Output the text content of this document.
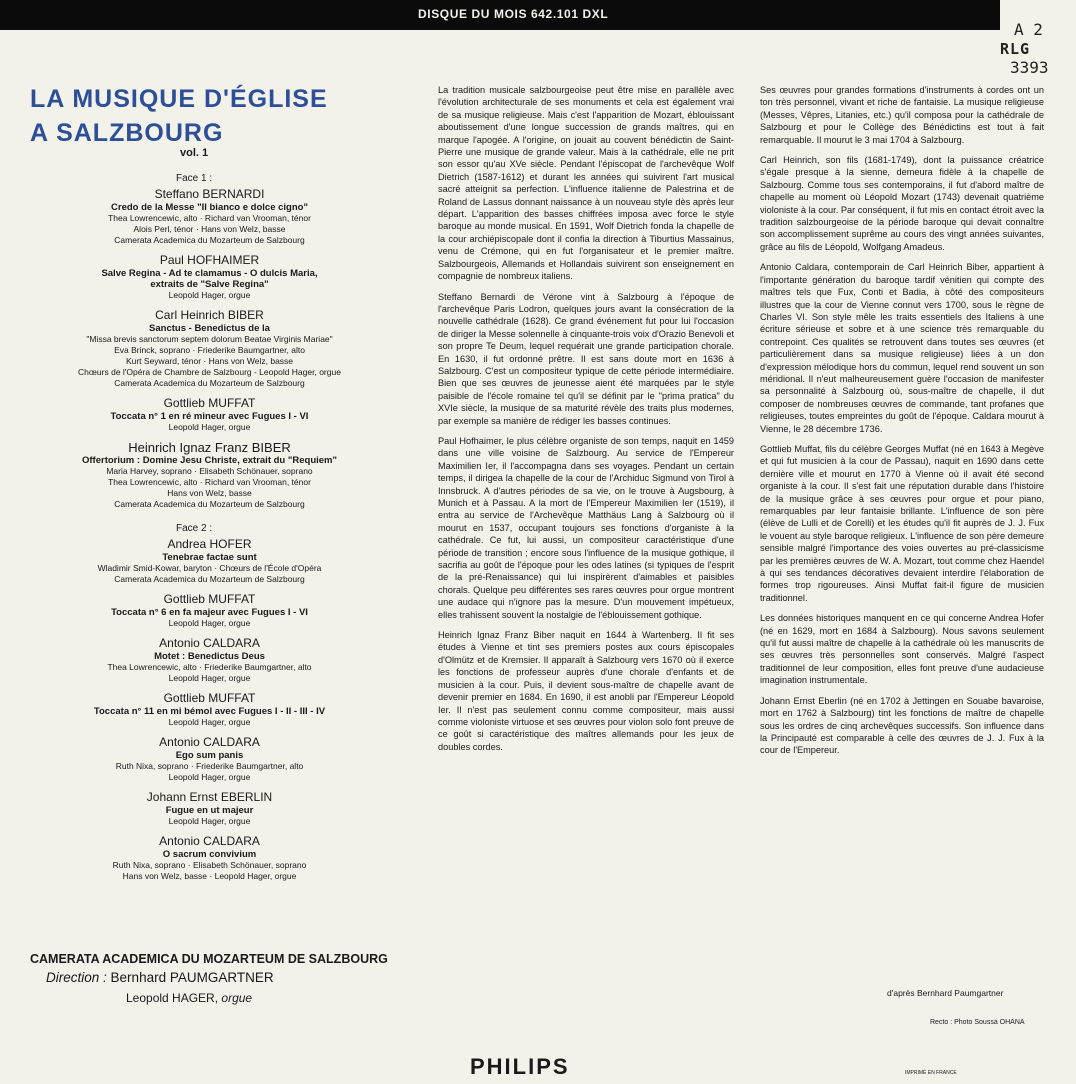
DISQUE DU MOIS 642.101 DXL
A 2
RLG
3393
LA MUSIQUE D'ÉGLISE
A SALZBOURG
vol. 1
Face 1 :
Steffano BERNARDI
Credo de la Messe "Il bianco e dolce cigno"
Thea Lowrencewic, alto · Richard van Vrooman, ténor
Alois Perl, ténor · Hans von Welz, basse
Camerata Academica du Mozarteum de Salzbourg
Paul HOFHAIMER
Salve Regina - Ad te clamamus - O dulcis Maria,
extraits de "Salve Regina"
Leopold Hager, orgue
Carl Heinrich BIBER
Sanctus - Benedictus de la
"Missa brevis sanctorum septem dolorum Beatae Virginis Mariae"
Eva Brinck, soprano · Friederike Baumgartner, alto
Kurt Seyward, ténor · Hans von Welz, basse
Chœurs de l'Opéra de Chambre de Salzbourg - Leopold Hager, orgue
Camerata Academica du Mozarteum de Salzbourg
Gottlieb MUFFAT
Toccata n° 1 en ré mineur avec Fugues I - VI
Leopold Hager, orgue
Heinrich Ignaz Franz BIBER
Offertorium : Domine Jesu Christe, extrait du "Requiem"
Maria Harvey, soprano · Elisabeth Schönauer, soprano
Thea Lowrencewic, alto · Richard van Vrooman, ténor
Hans von Welz, basse
Camerata Academica du Mozarteum de Salzbourg
Face 2 :
Andrea HOFER
Tenebrae factae sunt
Wladimir Smid-Kowar, baryton · Chœurs de l'École d'Opéra
Camerata Academica du Mozarteum de Salzbourg
Gottlieb MUFFAT
Toccata n° 6 en fa majeur avec Fugues I - VI
Leopold Hager, orgue
Antonio CALDARA
Motet : Benedictus Deus
Thea Lowrencewic, alto · Friederike Baumgartner, alto
Leopold Hager, orgue
Gottlieb MUFFAT
Toccata n° 11 en mi bémol avec Fugues I - II - III - IV
Leopold Hager, orgue
Antonio CALDARA
Ego sum panis
Ruth Nixa, soprano · Friederike Baumgartner, alto
Leopold Hager, orgue
Johann Ernst EBERLIN
Fugue en ut majeur
Leopold Hager, orgue
Antonio CALDARA
O sacrum convivium
Ruth Nixa, soprano · Elisabeth Schönauer, soprano
Hans von Welz, basse · Leopold Hager, orgue
CAMERATA ACADEMICA DU MOZARTEUM DE SALZBOURG
Direction : Bernhard PAUMGARTNER
Leopold HAGER, orgue

La tradition musicale salzbourgeoise peut être mise en parallèle avec l'évolution architecturale de ses monuments et cela est également vrai de sa musique religieuse. Mais c'est l'apparition de Mozart, éblouissant aboutissement d'une longue succession de grands maîtres, qui en marque l'apogée. A l'origine, on jouait au couvent bénédictin de Saint-Pierre une musique de grande valeur. Mais à la cathédrale, elle ne prit son essor qu'au XVe siècle. Pendant l'épiscopat de l'archevêque Wolf Dietrich (1587-1612) et durant les années qui suivirent l'art musical sacré atteignit sa perfection. L'influence italienne de Palestrina et de Roland de Lassus donnant naissance à un nouveau style dès après leur départ. L'apparition des basses chiffrées imposa avec force le style baroque au monde musical. En 1591, Wolf Dietrich fonda la chapelle de la cour archiépiscopale dont il confia la direction à Tiburtius Massainus, venu de Crémone, qui en fut l'organisateur et le premier maître. Salzbourgeois, Allemands et Hollandais suivirent son enseignement en compagnie de nombreux italiens.

Steffano Bernardi de Vérone vint à Salzbourg à l'époque de l'archevêque Paris Lodron, quelques jours avant la consécration de la nouvelle cathédrale (1628). Ce grand événement fut pour lui l'occasion de diriger la Messe solennelle à cinquante-trois voix d'Orazio Benevoli et son propre Te Deum, lequel requérait une grande participation chorale. En 1630, il fut ordonné prêtre. Il est sans doute mort en 1636 à Salzbourg. C'est un compositeur typique de cette période intermédiaire. Bien que ses œuvres de jeunesse aient été marquées par le style paisible de l'école romaine tel qu'il se définit par le "prima pratica" du XVIe siècle, la musique de sa maturité révèle des traits plus modernes, par exemple sa manière de rédiger les basses continues.

Paul Hofhaimer, le plus célèbre organiste de son temps, naquit en 1459 dans une ville voisine de Salzbourg. Au service de l'Empereur Maximilien Ier, il l'accompagna dans ses voyages. Pendant un certain temps, il dirigea la chapelle de la cour de l'Archiduc Sigmund von Tirol à Innsbruck. A d'autres périodes de sa vie, on le trouve à Augsbourg, à Munich et à Passau. A la mort de l'Empereur Maximilien Ier (1519), il entra au service de l'Archevêque Matthäus Lang à Salzbourg où il mourut en 1537, occupant toujours ses fonctions d'organiste à la cathédrale. Ce fut, lui aussi, un compositeur caractéristique d'une période de transition ; encore sous l'influence de la musique gothique, il sacrifia au goût de l'époque pour les odes latines (si typiques de l'esprit de la pré-Renaissance) qui lui inspirèrent d'aimables et paisibles chorals. Quelque peu différentes ses rares œuvres pour orgue montrent une audace qui n'ignore pas la mesure. D'un mouvement impétueux, elles trahissent souvent la nostalgie de l'éblouissement gothique.

Heinrich Ignaz Franz Biber naquit en 1644 à Wartenberg. Il fit ses études à Vienne et tint ses premiers postes aux cours épiscopales d'Olmütz et de Kremsier. Il apparaît à Salzbourg vers 1670 où il exerce les fonctions de professeur auprès d'une chorale d'enfants et de musicien à la cour. Puis, il devient sous-maître de chapelle avant de devenir premier en 1684. En 1690, il est anobli par l'Empereur Léopold Ier. Il n'est pas seulement connu comme compositeur, mais aussi comme violoniste virtuose et ses œuvres pour violon solo font preuve de ce goût si caractéristique des maîtres allemands pour les jeux de doubles cordes.

Ses œuvres pour grandes formations d'instruments à cordes ont un ton très personnel, vivant et riche de fantaisie. La musique religieuse (Messes, Vêpres, Litanies, etc.) qu'il composa pour la cathédrale de Salzbourg et pour le Collège des Bénédictins est tout à fait remarquable. Il mourut le 3 mai 1704 à Salzbourg.

Carl Heinrich, son fils (1681-1749), dont la puissance créatrice s'égale presque à la sienne, demeura fidèle à la chapelle de Salzbourg. Comme tous ses contemporains, il fut d'abord maître de chapelle au moment où Léopold Mozart (1743) devenait quatrième violoniste à la cour. Par conséquent, il fut mis en contact étroit avec la tradition salzbourgeoise de la période baroque qui devait connaître son accomplissement suprême au cours des vingt années suivantes, grâce au fils de Léopold, Wolfgang Amadeus.

Antonio Caldara, contemporain de Carl Heinrich Biber, appartient à l'importante génération du baroque tardif vénitien qui compte des maîtres tels que Fux, Conti et Badia, à côté des compositeurs illustres que la cour de Vienne connut vers 1700, sous le règne de Charles VI. Son style mêle les traits essentiels des Italiens à une écriture sérieuse et sobre et à une science très remarquable du contrepoint. Ces qualités se retrouvent dans toutes ses œuvres (et particulièrement dans sa musique religieuse) liées à un don d'expression mélodique hors du commun, lequel rend souvent un son méridional. Il n'eut malheureusement guère l'occasion de manifester sa personnalité à Salzbourg où, sous-maître de chapelle, il dut composer de nombreuses œuvres de commande, tant profanes que religieuses, toutes empreintes du goût de l'époque. Caldara mourut à Vienne, le 28 décembre 1736.

Gottlieb Muffat, fils du célèbre Georges Muffat (né en 1643 à Megève et qui fut musicien à la cour de Passau), naquit en 1690 dans cette dernière ville et mourut en 1770 à Vienne où il avait été second organiste à la cour. Il s'est fait une réputation durable dans l'histoire de la musique grâce à ses œuvres pour orgue et pour piano, remarquables par leur fantaisie brillante. L'influence de son père (élève de Lulli et de Corelli) et les études qu'il fit auprès de J. J. Fux le vouent au style baroque religieux. L'influence de son père demeure sensible malgré l'importance des voies ouvertes au pré-classicisme par les premières œuvres de W. A. Mozart, tout comme chez Haendel à qui ses tendances décoratives devaient interdire l'élaboration de formes trop rigoureuses. Ainsi Muffat fait-il figure de musicien traditionnel.

Les données historiques manquent en ce qui concerne Andrea Hofer (né en 1629, mort en 1684 à Salzbourg). Nous savons seulement qu'il fut aussi maître de chapelle à la cathédrale où les manuscrits de ses œuvres très personnelles sont conservés. Malgré l'aspect traditionnel de leur composition, elles font preuve d'une audacieuse imagination instrumentale.

Johann Ernst Eberlin (né en 1702 à Jettingen en Souabe bavaroise, mort en 1762 à Salzbourg) tint les fonctions de maître de chapelle sous les ordres de cinq archevêques successifs. Son influence dans la Principauté est comparable à celle des œuvres de J. J. Fux à la cour de l'Empereur.

d'après Bernhard Paumgartner
Recto : Photo Soussa OHANA
IMPRIMÉ EN FRANCE
PHILIPS
